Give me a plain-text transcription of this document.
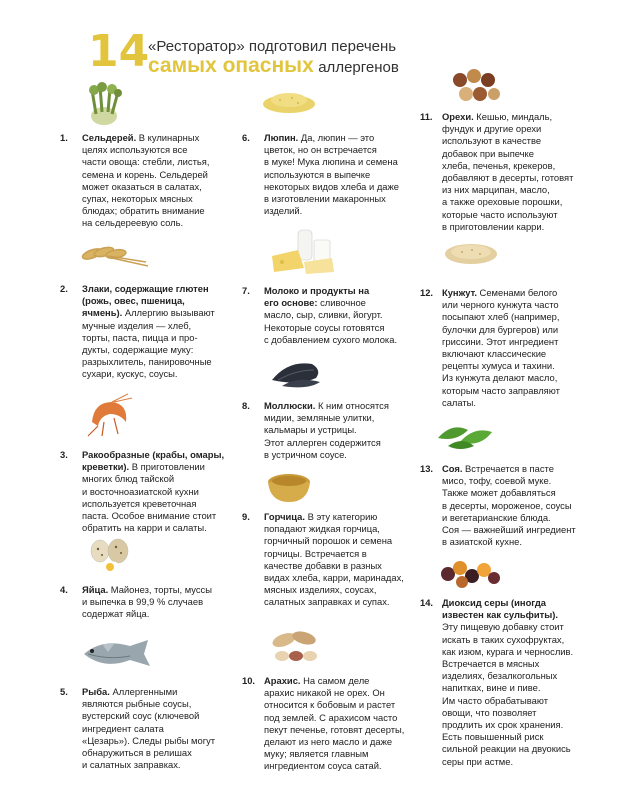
14
«Ресторатор» подготовил перечень
самых опасных аллергенов
1. Сельдерей. В кулинарных
целях используются все
части овоща: стебли, листья,
семена и корень. Сельдерей
может оказаться в салатах,
супах, некоторых мясных
блюдах; обратить внимание
на сельдереевую соль.
2. Злаки, содержащие глютен
(рожь, овес, пшеница,
ячмень). Аллергию вызывают
мучные изделия — хлеб,
торты, паста, пицца и про-
дукты, содержащие муку:
разрыхлитель, панировочные
сухари, кускус, соусы.
3. Ракообразные (крабы, омары,
креветки). В приготовлении
многих блюд тайской
и восточноазиатской кухни
используется креветочная
паста. Особое внимание стоит
обратить на карри и салаты.
4. Яйца. Майонез, торты, муссы
и выпечка в 99,9 % случаев
содержат яйца.
5. Рыба. Аллергенными
являются рыбные соусы,
вустерский соус (ключевой
ингредиент салата
«Цезарь»). Следы рыбы могут
обнаружиться в релишах
и салатных заправках.
6. Люпин. Да, люпин — это
цветок, но он встречается
в муке! Мука люпина и семена
используются в выпечке
некоторых видов хлеба и даже
в изготовлении макаронных
изделий.
7. Молоко и продукты на
его основе: сливочное
масло, сыр, сливки, йогурт.
Некоторые соусы готовятся
с добавлением сухого молока.
8. Моллюски. К ним относятся
мидии, земляные улитки,
кальмары и устрицы.
Этот аллерген содержится
в устричном соусе.
9. Горчица. В эту категорию
попадают жидкая горчица,
горчичный порошок и семена
горчицы. Встречается в
качестве добавки в разных
видах хлеба, карри, маринадах,
мясных изделиях, соусах,
салатных заправках и супах.
10. Арахис. На самом деле
арахис никакой не орех. Он
относится к бобовым и растет
под землей. С арахисом часто
пекут печенье, готовят десерты,
делают из него масло и даже
муку; является главным
ингредиентом соуса сатай.
11. Орехи. Кешью, миндаль,
фундук и другие орехи
используют в качестве
добавок при выпечке
хлеба, печенья, крекеров,
добавляют в десерты, готовят
из них марципан, масло,
а также ореховые порошки,
которые часто используют
в приготовлении карри.
12. Кунжут. Семенами белого
или черного кунжута часто
посыпают хлеб (например,
булочки для бургеров) или
гриссини. Этот ингредиент
включают классические
рецепты хумуса и тахини.
Из кунжута делают масло,
которым часто заправляют
салаты.
13. Соя. Встречается в пасте
мисо, тофу, соевой муке.
Также может добавляться
в десерты, мороженое, соусы
и вегетарианские блюда.
Соя — важнейший ингредиент
в азиатской кухне.
14. Диоксид серы (иногда
известен как сульфиты).
Эту пищевую добавку стоит
искать в таких сухофруктах,
как изюм, курага и чернослив.
Встречается в мясных
изделиях, безалкогольных
напитках, вине и пиве.
Им часто обрабатывают
овощи, что позволяет
продлить их срок хранения.
Есть повышенный риск
сильной реакции на двуокись
серы при астме.
